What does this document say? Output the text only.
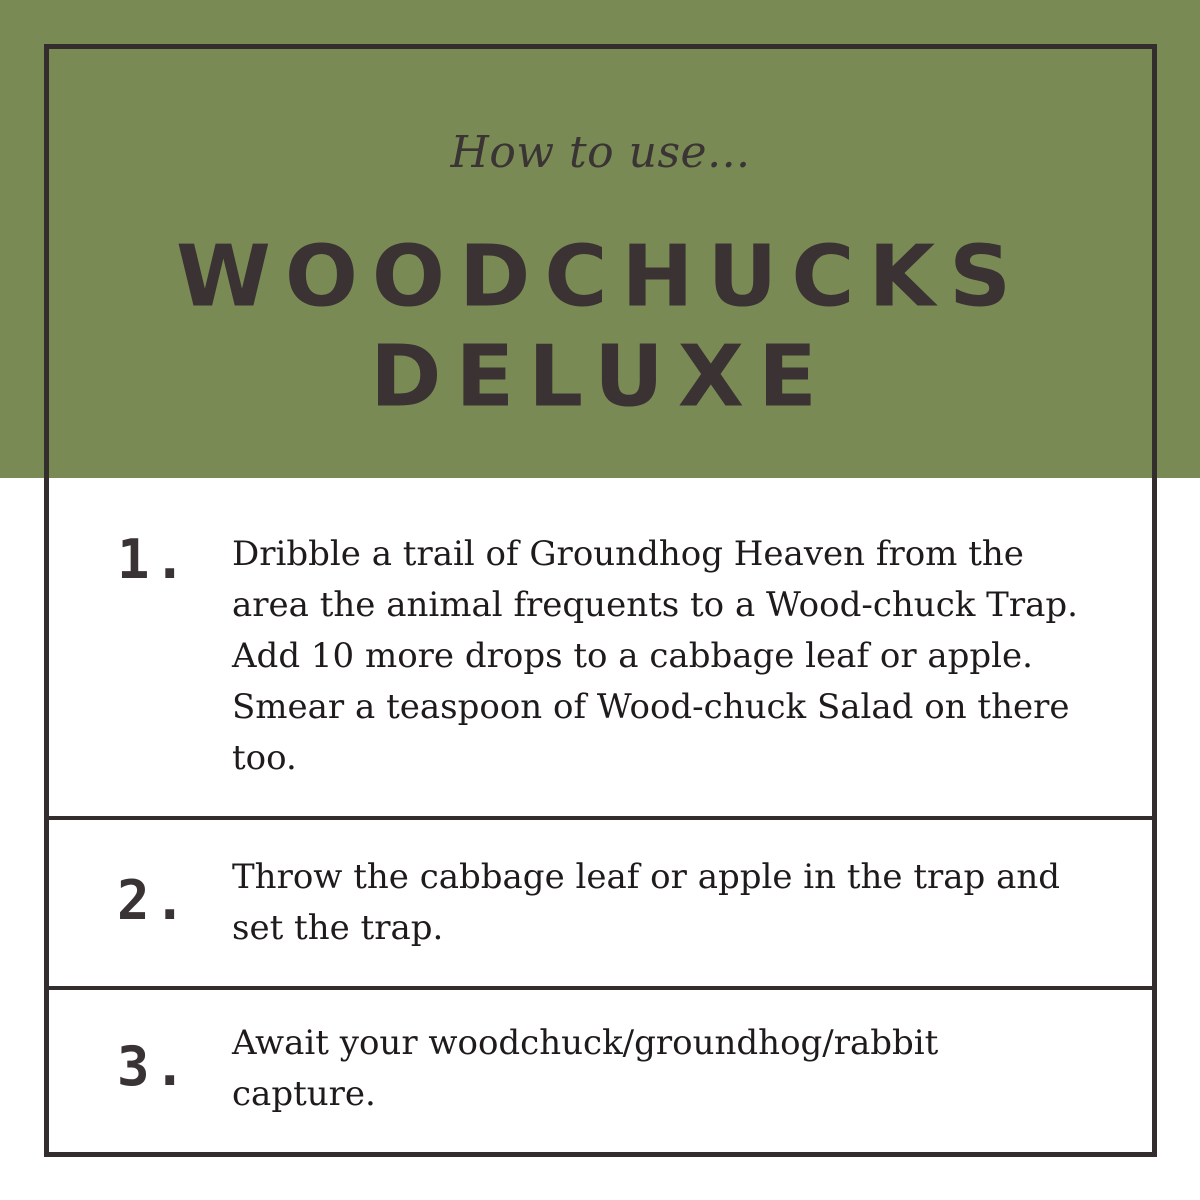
How to use...
WOODCHUCKS
DELUXE
1. Dribble a trail of Groundhog Heaven from the area the animal frequents to a Wood-chuck Trap. Add 10 more drops to a cabbage leaf or apple. Smear a teaspoon of Wood-chuck Salad on there too.
2. Throw the cabbage leaf or apple in the trap and set the trap.
3. Await your woodchuck/groundhog/rabbit capture.
